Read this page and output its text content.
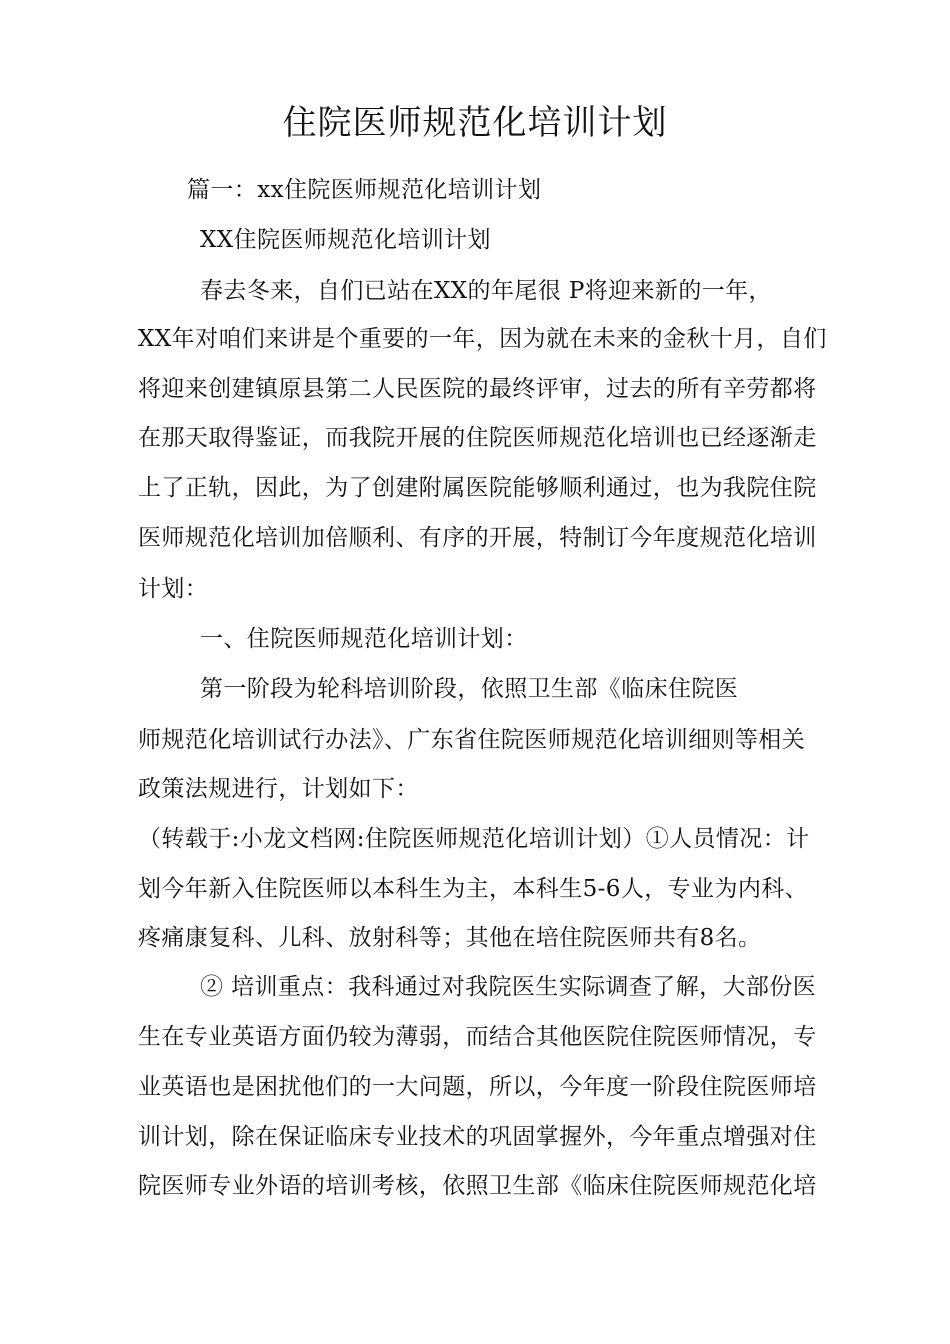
住院医师规范化培训计划
篇一：xx住院医师规范化培训计划
XX住院医师规范化培训计划
春去冬来，自们已站在XX的年尾很 P将迎来新的一年，
XX年对咱们来讲是个重要的一年，因为就在未来的金秋十月，自们
将迎来创建镇原县第二人民医院的最终评审，过去的所有辛劳都将
在那天取得鉴证，而我院开展的住院医师规范化培训也已经逐渐走
上了正轨，因此，为了创建附属医院能够顺利通过，也为我院住院
医师规范化培训加倍顺利、有序的开展，特制订今年度规范化培训
计划：
一、住院医师规范化培训计划：
第一阶段为轮科培训阶段，依照卫生部《临床住院医
师规范化培训试行办法》、广东省住院医师规范化培训细则等相关
政策法规进行，计划如下：
（转载于:小龙文档网:住院医师规范化培训计划）①人员情况：计
划今年新入住院医师以本科生为主，本科生5-6人，专业为内科、
疼痛康复科、儿科、放射科等；其他在培住院医师共有8名。
② 培训重点：我科通过对我院医生实际调查了解，大部份医
生在专业英语方面仍较为薄弱，而结合其他医院住院医师情况，专
业英语也是困扰他们的一大问题，所以，今年度一阶段住院医师培
训计划，除在保证临床专业技术的巩固掌握外，今年重点增强对住
院医师专业外语的培训考核，依照卫生部《临床住院医师规范化培
